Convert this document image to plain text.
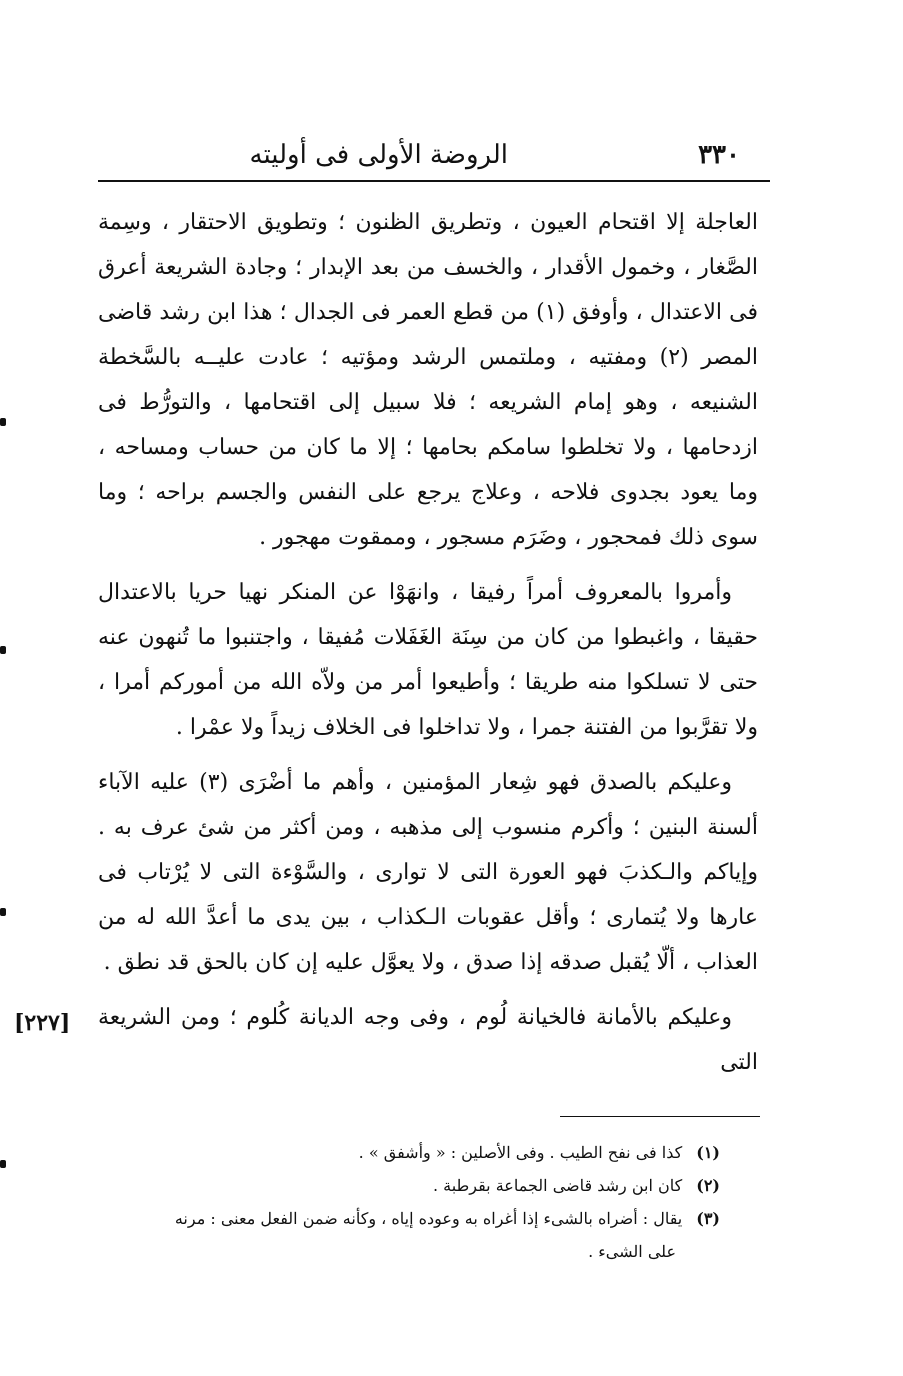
٣٣٠
الروضة الأولى فى أوليته

العاجلة إلا اقتحام العيون ، وتطريق الظنون ؛ وتطويق الاحتقار ، وسِمة الصَّغار ، وخمول الأقدار ، والخسف من بعد الإبدار ؛ وجادة الشريعة أعرق فى الاعتدال ، وأوفق (١) من قطع العمر فى الجدال ؛ هذا ابن رشد قاضى المصر (٢) ومفتيه ، وملتمس الرشد ومؤتيه ؛ عادت عليــه بالسَّخطة الشنيعه ، وهو إمام الشريعه ؛ فلا سبيل إلى اقتحامها ، والتورُّط فى ازدحامها ، ولا تخلطوا سامكم بحامها ؛ إلا ما كان من حساب ومساحه ، وما يعود بجدوى فلاحه ، وعلاج يرجع على النفس والجسم براحه ؛ وما سوى ذلك فمحجور ، وضَرَم مسجور ، وممقوت مهجور .

وأمروا بالمعروف أمراً رفيقا ، وانهَوْا عن المنكر نهيا حريا بالاعتدال حقيقا ، واغبطوا من كان من سِنَة الغَفَلات مُفيقا ، واجتنبوا ما تُنهون عنه حتى لا تسلكوا منه طريقا ؛ وأطيعوا أمر من ولاّه الله من أموركم أمرا ، ولا تقرَّبوا من الفتنة جمرا ، ولا تداخلوا فى الخلاف زيداً ولا عمْرا .

وعليكم بالصدق فهو شِعار المؤمنين ، وأهم ما أضْرَى (٣) عليه الآباء ألسنة البنين ؛ وأكرم منسوب إلى مذهبه ، ومن أكثر من شئ عرف به . وإياكم والـكذبَ فهو العورة التى لا توارى ، والسَّوْءة التى لا يُرْتاب فى عارها ولا يُتمارى ؛ وأقل عقوبات الـكذاب ، بين يدى ما أعدَّ الله له من العذاب ، ألّا يُقبل صدقه إذا صدق ، ولا يعوَّل عليه إن كان بالحق قد نطق .

وعليكم بالأمانة فالخيانة لُوم ، وفى وجه الديانة كُلوم ؛ ومن الشريعة التى

[٢٢٧]

(١)كذا فى نفح الطيب . وفى الأصلين : « وأشفق » .

(٢)كان ابن رشد قاضى الجماعة بقرطبة .

(٣)يقال : أضراه بالشىء إذا أغراه به وعوده إياه ، وكأنه ضمن الفعل معنى : مرنه

على الشىء .
